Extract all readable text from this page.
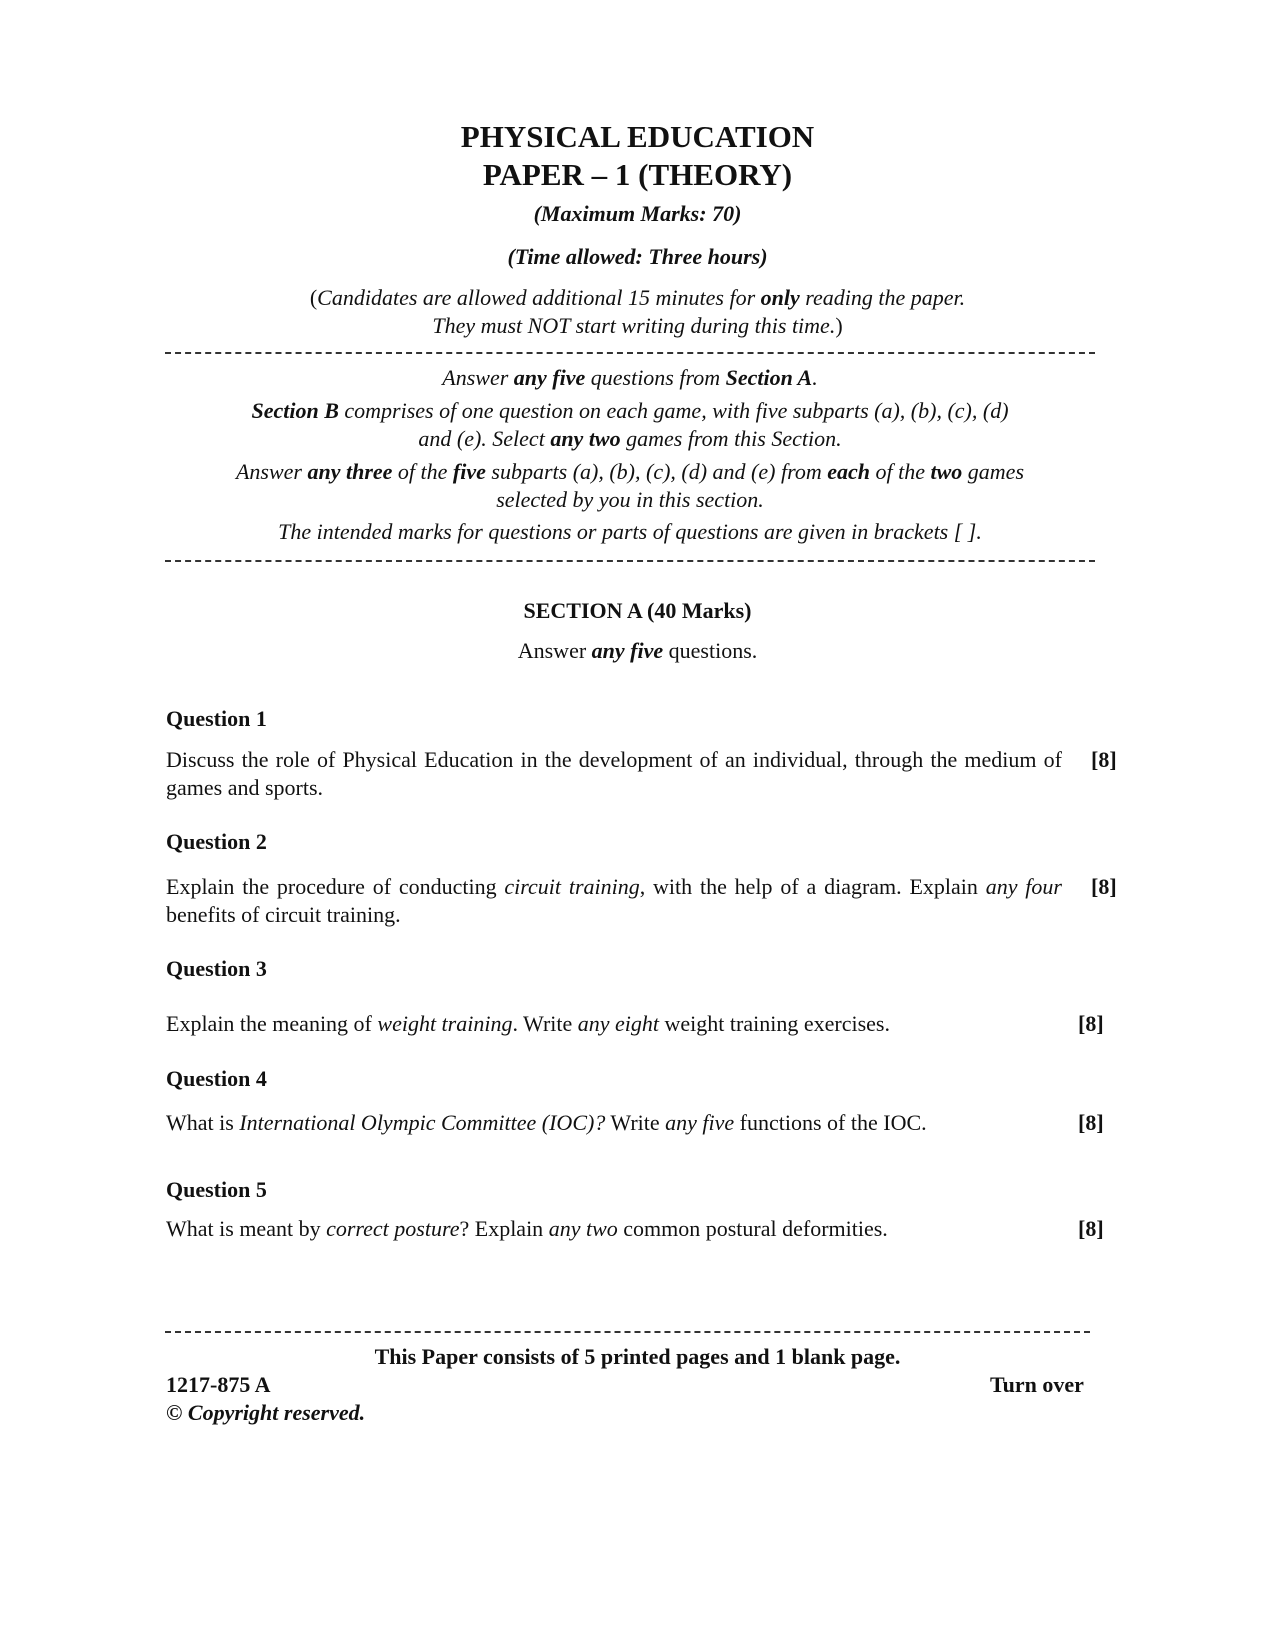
PHYSICAL EDUCATION
PAPER – 1 (THEORY)
(Maximum Marks: 70)
(Time allowed: Three hours)
(Candidates are allowed additional 15 minutes for only reading the paper.
They must NOT start writing during this time.)
Answer any five questions from Section A.
Section B comprises of one question on each game, with five subparts (a), (b), (c), (d)
and (e). Select any two games from this Section.
Answer any three of the five subparts (a), (b), (c), (d) and (e) from each of the two games
selected by you in this section.
The intended marks for questions or parts of questions are given in brackets [ ].
SECTION A (40 Marks)
Answer any five questions.
Question 1
Discuss the role of Physical Education in the development of an individual, through the medium of games and sports.
[8]
Question 2
Explain the procedure of conducting circuit training, with the help of a diagram. Explain any four benefits of circuit training.
[8]
Question 3
Explain the meaning of weight training. Write any eight weight training exercises.	[8]
Question 4
What is International Olympic Committee (IOC)? Write any five functions of the IOC.	[8]
Question 5
What is meant by correct posture? Explain any two common postural deformities.	[8]
This Paper consists of 5 printed pages and 1 blank page.
1217-875 A	Turn over
© Copyright reserved.
